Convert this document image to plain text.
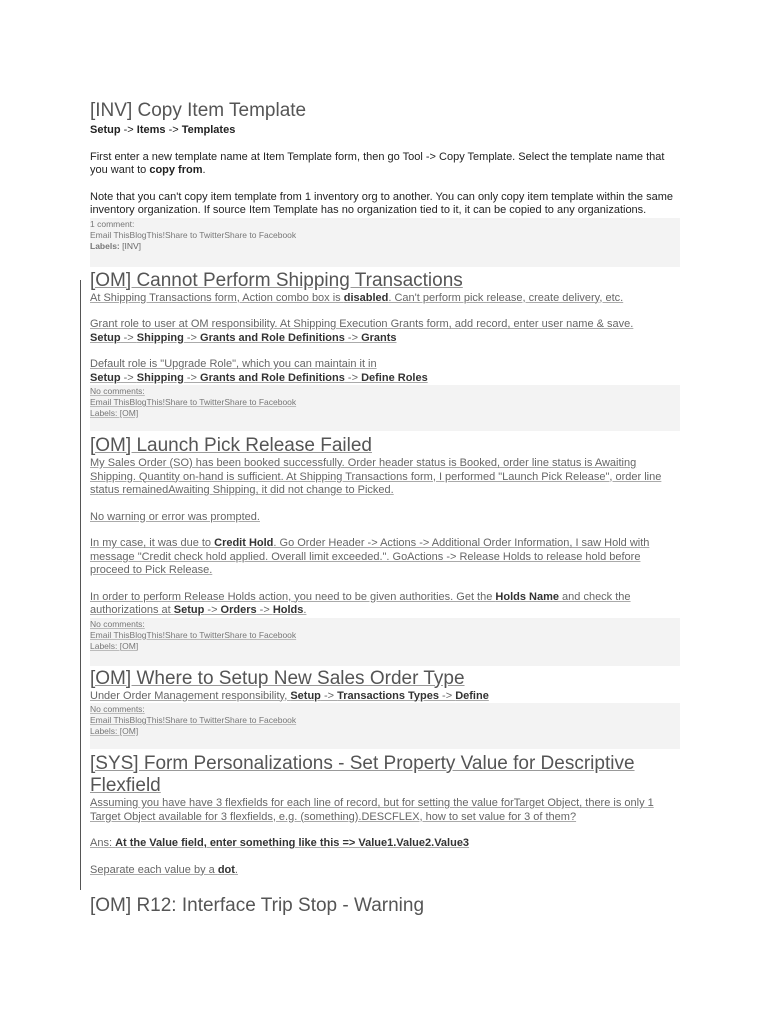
[INV] Copy Item Template

Setup -> Items -> Templates

First enter a new template name at Item Template form, then go Tool -> Copy Template. Select the template name that you want to copy from.

Note that you can't copy item template from 1 inventory org to another. You can only copy item template within the same inventory organization. If source Item Template has no organization tied to it, it can be copied to any organizations.

1 comment:
Email ThisBlogThis!Share to TwitterShare to Facebook
Labels: [INV]
[OM] Cannot Perform Shipping Transactions

At Shipping Transactions form, Action combo box is disabled. Can't perform pick release, create delivery, etc.

Grant role to user at OM responsibility. At Shipping Execution Grants form, add record, enter user name & save.

Setup -> Shipping -> Grants and Role Definitions -> Grants

Default role is "Upgrade Role", which you can maintain it in

Setup -> Shipping -> Grants and Role Definitions -> Define Roles

No comments:
Email ThisBlogThis!Share to TwitterShare to Facebook
Labels: [OM]
[OM] Launch Pick Release Failed

My Sales Order (SO) has been booked successfully. Order header status is Booked, order line status is Awaiting Shipping. Quantity on-hand is sufficient. At Shipping Transactions form, I performed "Launch Pick Release", order line status remainedAwaiting Shipping, it did not change to Picked.

No warning or error was prompted.

In my case, it was due to Credit Hold. Go Order Header -> Actions -> Additional Order Information, I saw Hold with message "Credit check hold applied. Overall limit exceeded.". GoActions -> Release Holds to release hold before proceed to Pick Release.

In order to perform Release Holds action, you need to be given authorities. Get the Holds Name and check the authorizations at Setup -> Orders -> Holds.

No comments:
Email ThisBlogThis!Share to TwitterShare to Facebook
Labels: [OM]
[OM] Where to Setup New Sales Order Type

Under Order Management responsibility, Setup -> Transactions Types -> Define

No comments:
Email ThisBlogThis!Share to TwitterShare to Facebook
Labels: [OM]
[SYS] Form Personalizations - Set Property Value for Descriptive Flexfield

Assuming you have have 3 flexfields for each line of record, but for setting the value forTarget Object, there is only 1 Target Object available for 3 flexfields, e.g. (something).DESCFLEX, how to set value for 3 of them?

Ans: At the Value field, enter something like this => Value1.Value2.Value3

Separate each value by a dot.

[OM] R12: Interface Trip Stop - Warning
